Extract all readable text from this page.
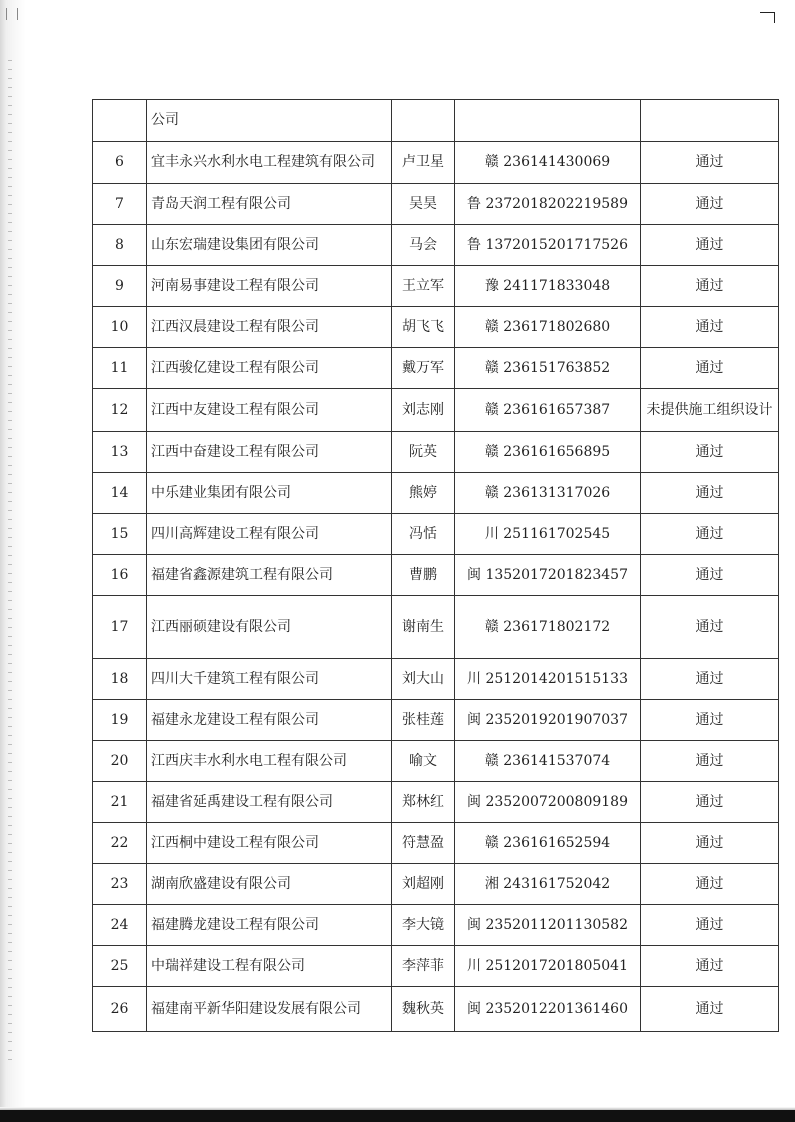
	公司			
6	宜丰永兴水利水电工程建筑有限公司	卢卫星	赣 236141430069	通过
7	青岛天润工程有限公司	吴昊	鲁 2372018202219589	通过
8	山东宏瑞建设集团有限公司	马会	鲁 1372015201717526	通过
9	河南易事建设工程有限公司	王立军	豫 241171833048	通过
10	江西汉晨建设工程有限公司	胡飞飞	赣 236171802680	通过
11	江西骏亿建设工程有限公司	戴万军	赣 236151763852	通过
12	江西中友建设工程有限公司	刘志刚	赣 236161657387	未提供施工组织设计
13	江西中奋建设工程有限公司	阮英	赣 236161656895	通过
14	中乐建业集团有限公司	熊婷	赣 236131317026	通过
15	四川高辉建设工程有限公司	冯恬	川 251161702545	通过
16	福建省鑫源建筑工程有限公司	曹鹏	闽 1352017201823457	通过
17	江西丽硕建设有限公司	谢南生	赣 236171802172	通过
18	四川大千建筑工程有限公司	刘大山	川 2512014201515133	通过
19	福建永龙建设工程有限公司	张桂莲	闽 2352019201907037	通过
20	江西庆丰水利水电工程有限公司	喻文	赣 236141537074	通过
21	福建省延禹建设工程有限公司	郑林红	闽 2352007200809189	通过
22	江西桐中建设工程有限公司	符慧盈	赣 236161652594	通过
23	湖南欣盛建设有限公司	刘超刚	湘 243161752042	通过
24	福建腾龙建设工程有限公司	李大镜	闽 2352011201130582	通过
25	中瑞祥建设工程有限公司	李萍菲	川 2512017201805041	通过
26	福建南平新华阳建设发展有限公司	魏秋英	闽 2352012201361460	通过
